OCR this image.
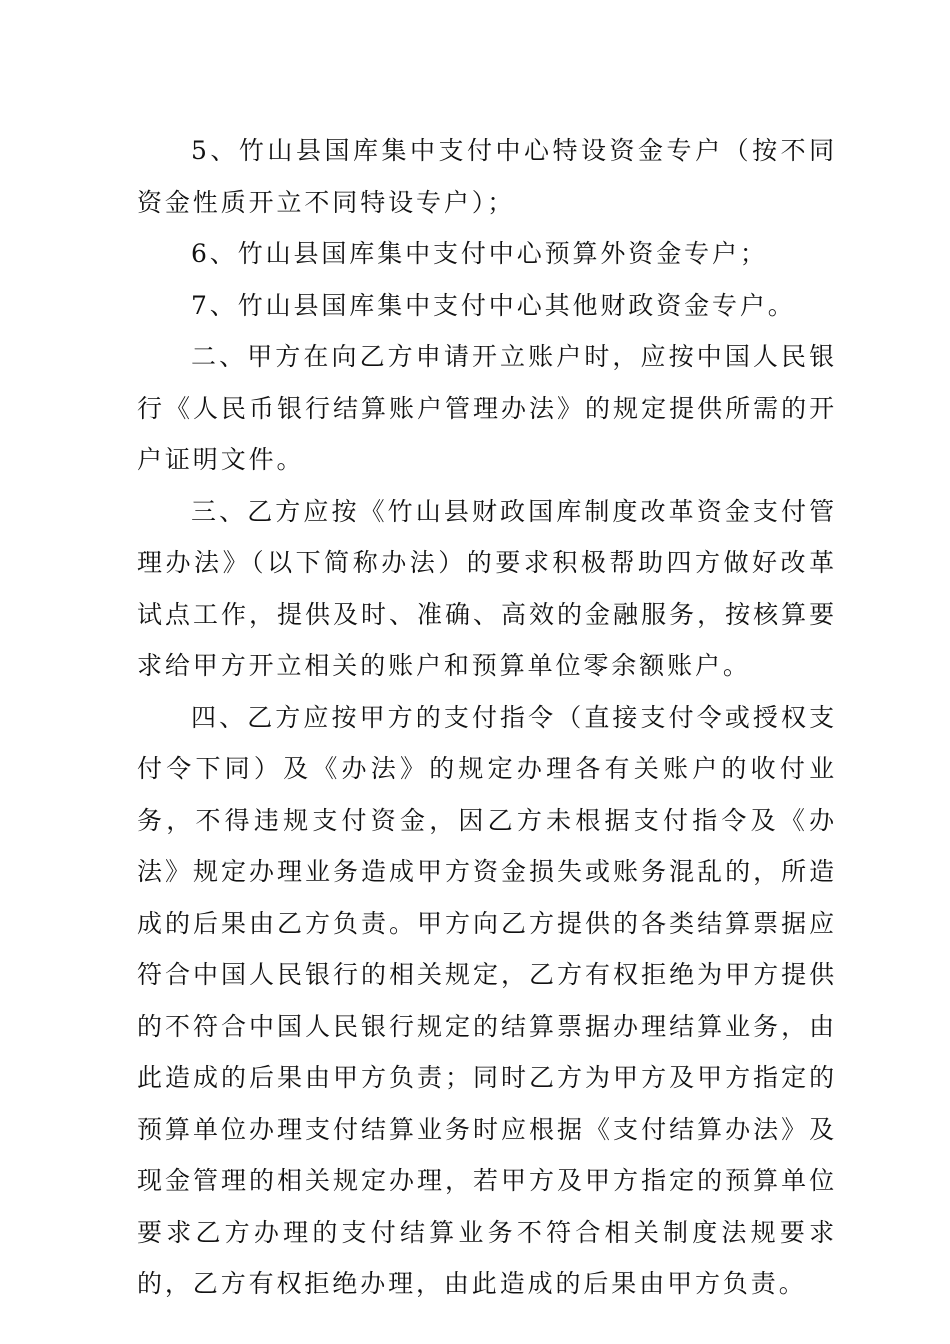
5、竹山县国库集中支付中心特设资金专户（按不同资金性质开立不同特设专户）；

6、竹山县国库集中支付中心预算外资金专户；

7、竹山县国库集中支付中心其他财政资金专户。

二、甲方在向乙方申请开立账户时，应按中国人民银行《人民币银行结算账户管理办法》的规定提供所需的开户证明文件。

三、乙方应按《竹山县财政国库制度改革资金支付管理办法》（以下简称办法）的要求积极帮助四方做好改革试点工作，提供及时、准确、高效的金融服务，按核算要求给甲方开立相关的账户和预算单位零余额账户。

四、乙方应按甲方的支付指令（直接支付令或授权支付令下同）及《办法》的规定办理各有关账户的收付业务，不得违规支付资金，因乙方未根据支付指令及《办法》规定办理业务造成甲方资金损失或账务混乱的，所造成的后果由乙方负责。甲方向乙方提供的各类结算票据应符合中国人民银行的相关规定，乙方有权拒绝为甲方提供的不符合中国人民银行规定的结算票据办理结算业务，由此造成的后果由甲方负责；同时乙方为甲方及甲方指定的预算单位办理支付结算业务时应根据《支付结算办法》及现金管理的相关规定办理，若甲方及甲方指定的预算单位要求乙方办理的支付结算业务不符合相关制度法规要求的，乙方有权拒绝办理，由此造成的后果由甲方负责。
